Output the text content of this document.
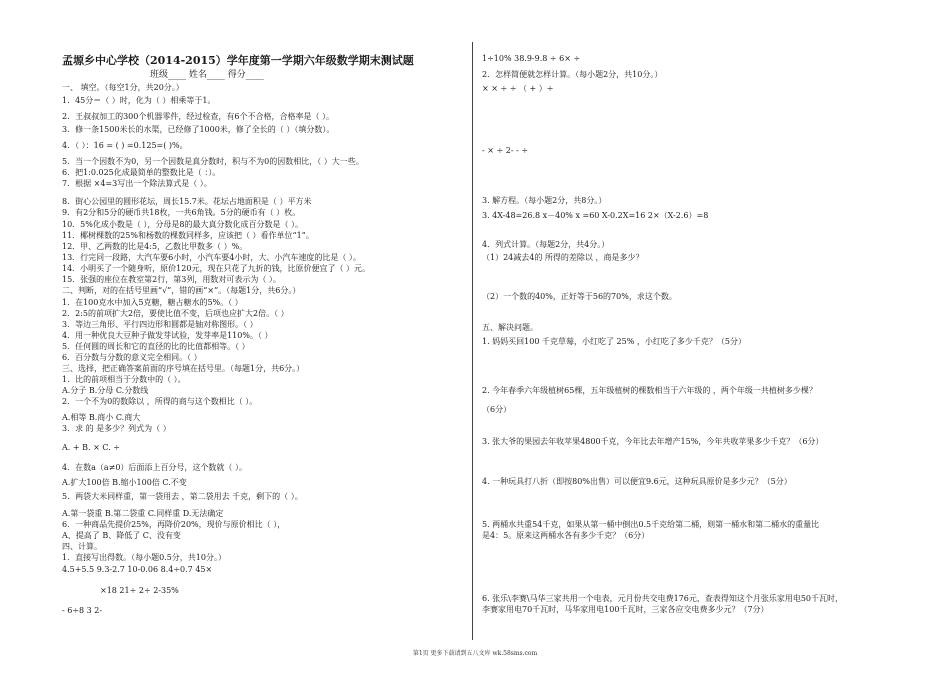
孟塬乡中心学校（2014-2015）学年度第一学期六年级数学期末测试题
班级____ 姓名____ 得分____
一、 填空。（每空1分，共20分。）
1．45分＝（ ）时，化为（ ）相乘等于1。
2．王叔叔加工的300个机器零件，经过检查，有6个不合格，合格率是（ ）。
3．修一条1500米长的水渠，已经修了1000米，修了全长的（ ）（填分数）。
4．（ ）：16 = ( ) =0.125=( )%。
5．当一个因数不为0，另一个因数是真分数时，积与不为0的因数相比，（ ）大一些。
6．把1:0.025化成最简单的整数比是（ ：）。
7．根据 ×4=3写出一个除法算式是（ ）。
8．街心公园里的圆形花坛，周长15.7米。花坛占地面积是（ ）平方米
9．有2分和5分的硬币共18枚，一共6角钱。5分的硬币有（ ）枚。
10．5%化成小数是（ ），分母是8的最大真分数化成百分数是（ ）。
11．椰树棵数的25%和杨数的棵数同样多，应该把（ ）看作单位“1”。
12．甲、乙两数的比是4:5，乙数比甲数多（ ）%。
13．行完同一段路，大汽车要6小时，小汽车要4小时，大、小汽车速度的比是（ ）。
14．小明买了一个随身听，原价120元，现在只花了九折的钱，比原价便宜了（ ）元。
15．张强的座位在教室第2行，第3列，用数对可表示为（ ）。
二、判断，对的在括号里画“√”，错的画“×”。（每题1分，共6分。）
1．在100克水中加入5克糖，糖占糖水的5%。（ ）
2．2:5的前项扩大2倍，要使比值不变，后项也应扩大2倍。（ ）
3．等边三角形、平行四边形和圆都是轴对称图形。（ ）
4．用一种优良大豆种子做发芽试验，发芽率是110%。（ ）
5．任何圆的周长和它的直径的比的比值都相等。（ ）
6．百分数与分数的意义完全相同。（ ）
三、选择，把正确答案前面的序号填在括号里。（每题1分，共6分。）
1．比的前项相当于分数中的（ ）。
A.分子 B.分母 C.分数线
2．一个不为0的数除以 ，所得的商与这个数相比（ ）。
A.相等 B.商小 C.商大
3．求 的 是多少？列式为（ ）
A. + B. × C. ÷
4．在数a（a≠0）后面添上百分号，这个数就（ ）。
A.扩大100倍 B.缩小100倍 C.不变
5．两袋大米同样重，第一袋用去 ，第二袋用去 千克，剩下的（ ）。
A.第一袋重 B.第二袋重 C.同样重 D.无法确定
6．一种商品先提价25%，再降价20%，现价与原价相比（ ），
A、提高了 B、降低了 C、没有变
四、计算。
1．直接写出得数。（每小题0.5分，共10分。）
4.5+5.5 9.3-2.7 10-0.06 8.4÷0.7 45×
×18 21÷ 2÷ 2-35%
- 6÷8 3 2-
1÷10% 38.9-9.8 ÷ 6× ÷
2．怎样简便就怎样计算。（每小题2分，共10分。）
× × ÷ ÷ （ + ）÷
- × ÷ 2- - ÷
3. 解方程。（每小题2分，共8分。）
3. 4X-48=26.8 x－40% x =60 X-0.2X=16 2×（X-2.6）=8
4．列式计算。（每题2分，共4分。）
（1）24减去4的 所得的差除以 ，商是多少？
（2）一个数的40%，正好等于56的70%，求这个数。
五、解决问题。
1. 妈妈买回100 千克草莓，小红吃了 25% ，小红吃了多少千克？（5分）
2. 今年春季六年级植树65棵，五年级植树的棵数相当于六年级的 ，两个年级一共植树多少棵？
（6分）
3. 张大爷的果园去年收苹果4800千克，今年比去年增产15%，今年共收苹果多少千克？（6分）
4. 一种玩具打八折（即按80%出售）可以便宜9.6元，这种玩具原价是多少元？（5分）
5. 两桶水共重54千克，如果从第一桶中倒出0.5千克给第二桶，则第一桶水和第二桶水的重量比
是4：5。原来这两桶水各有多少千克？（6分）
6. 张乐\李赛\马华三家共用一个电表，元月份共交电费176元，查表得知这个月张乐家用电50千瓦时，
李赛家用电70千瓦时，马华家用电100千瓦时，三家各应交电费多少元？（7分）
第1页 更多下载请到五八文库 wk.58sms.com
